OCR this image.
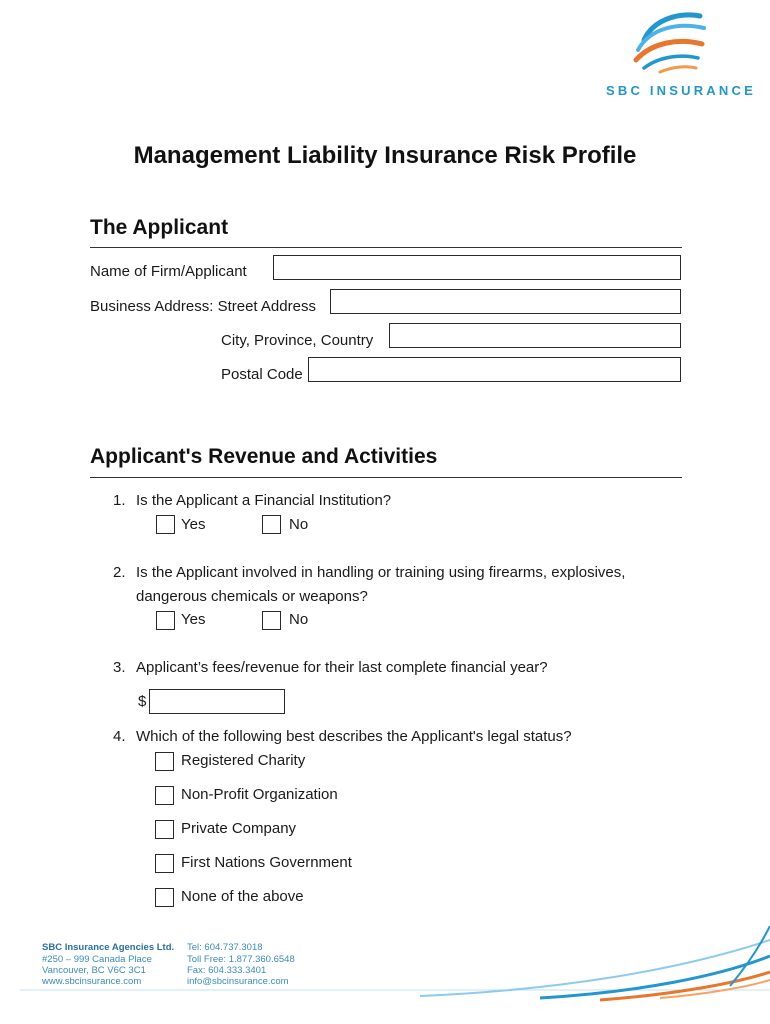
SBC INSURANCE
Management Liability Insurance Risk Profile
The Applicant
Name of Firm/Applicant
Business Address: Street Address
City, Province, Country
Postal Code
Applicant's Revenue and Activities
1. Is the Applicant a Financial Institution?
Yes	No
2. Is the Applicant involved in handling or training using firearms, explosives,
dangerous chemicals or weapons?
Yes	No
3. Applicant’s fees/revenue for their last complete financial year?
$
4. Which of the following best describes the Applicant's legal status?
Registered Charity
Non-Profit Organization
Private Company
First Nations Government
None of the above
SBC Insurance Agencies Ltd.
#250 – 999 Canada Place
Vancouver, BC V6C 3C1
www.sbcinsurance.com
Tel: 604.737.3018
Toll Free: 1.877.360.6548
Fax: 604.333.3401
info@sbcinsurance.com
